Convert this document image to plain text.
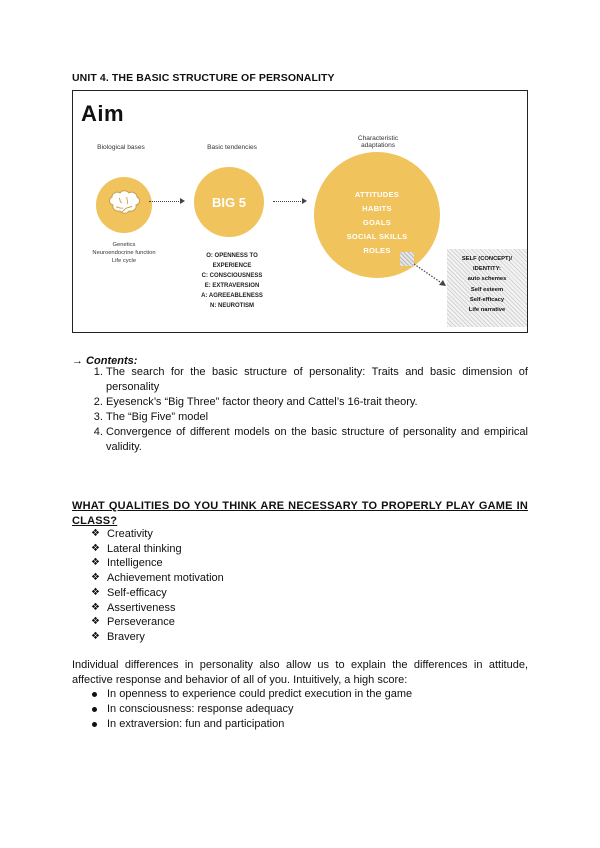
UNIT 4. THE BASIC STRUCTURE OF PERSONALITY
Aim
Biological bases	Basic tendencies
Characteristic
adaptations
Genetics
Neuroendocrine function
Life cycle
BIG 5
O: OPENNESS TO EXPERIENCE
C: CONSCIOUSNESS
E: EXTRAVERSION
A: AGREEABLENESS
N: NEUROTISM
ATTITUDES
HABITS
GOALS
SOCIAL SKILLS
ROLES
SELF (CONCEPT)/
IDENTITY:
auto schemes
Self esteem
Self-efficacy
Life narrative
→ Contents:
1. The search for the basic structure of personality: Traits and basic dimension of personality
2. Eyesenck’s “Big Three” factor theory and Cattel’s 16-trait theory.
3. The “Big Five” model
4. Convergence of different models on the basic structure of personality and empirical validity.
WHAT QUALITIES DO YOU THINK ARE NECESSARY TO PROPERLY PLAY GAME IN CLASS?
❖ Creativity
❖ Lateral thinking
❖ Intelligence
❖ Achievement motivation
❖ Self-efficacy
❖ Assertiveness
❖ Perseverance
❖ Bravery
Individual differences in personality also allow us to explain the differences in attitude, affective response and behavior of all of you. Intuitively, a high score:
In openness to experience could predict execution in the game
In consciousness: response adequacy
In extraversion: fun and participation
